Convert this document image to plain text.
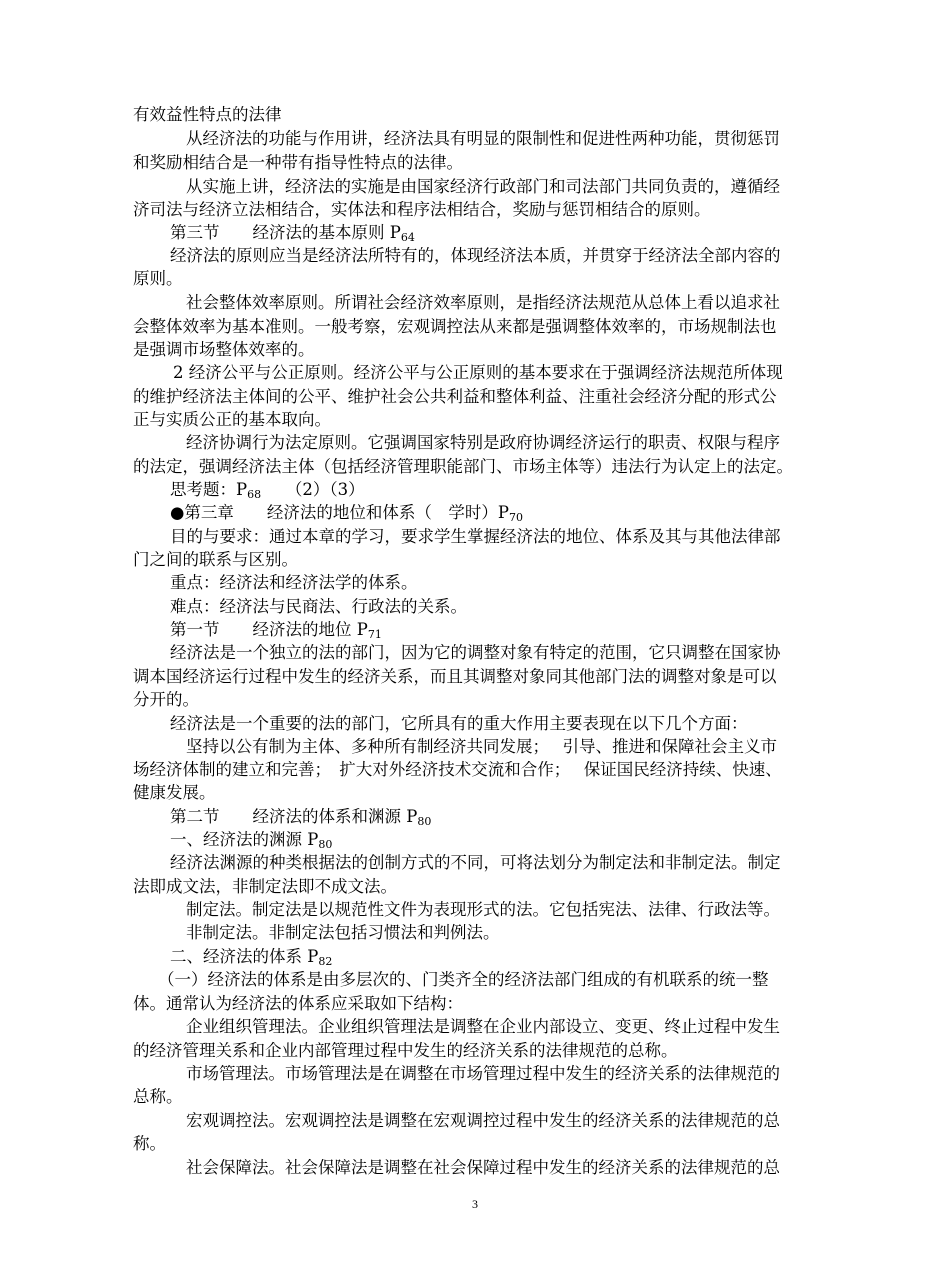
有效益性特点的法律
从经济法的功能与作用讲，经济法具有明显的限制性和促进性两种功能，贯彻惩罚
和奖励相结合是一种带有指导性特点的法律。
从实施上讲，经济法的实施是由国家经济行政部门和司法部门共同负责的，遵循经
济司法与经济立法相结合，实体法和程序法相结合，奖励与惩罚相结合的原则。
第三节　　经济法的基本原则 $P_{64}$
经济法的原则应当是经济法所特有的，体现经济法本质，并贯穿于经济法全部内容的
原则。
社会整体效率原则。所谓社会经济效率原则，是指经济法规范从总体上看以追求社
会整体效率为基本准则。一般考察，宏观调控法从来都是强调整体效率的，市场规制法也
是强调市场整体效率的。
2 经济公平与公正原则。经济公平与公正原则的基本要求在于强调经济法规范所体现
的维护经济法主体间的公平、维护社会公共利益和整体利益、注重社会经济分配的形式公
正与实质公正的基本取向。
经济协调行为法定原则。它强调国家特别是政府协调经济运行的职责、权限与程序
的法定，强调经济法主体（包括经济管理职能部门、市场主体等）违法行为认定上的法定。
思考题：$P_{68}$　　（2）（3）
●第三章　　经济法的地位和体系（　学时）$P_{70}$
目的与要求：通过本章的学习，要求学生掌握经济法的地位、体系及其与其他法律部
门之间的联系与区别。
重点：经济法和经济法学的体系。
难点：经济法与民商法、行政法的关系。
第一节　　经济法的地位 $P_{71}$
经济法是一个独立的法的部门，因为它的调整对象有特定的范围，它只调整在国家协
调本国经济运行过程中发生的经济关系，而且其调整对象同其他部门法的调整对象是可以
分开的。
经济法是一个重要的法的部门，它所具有的重大作用主要表现在以下几个方面：
坚持以公有制为主体、多种所有制经济共同发展；　 引导、推进和保障社会主义市
场经济体制的建立和完善；　扩大对外经济技术交流和合作；　 保证国民经济持续、快速、
健康发展。
第二节　　经济法的体系和渊源 $P_{80}$
一、经济法的渊源 $P_{80}$
经济法渊源的种类根据法的创制方式的不同，可将法划分为制定法和非制定法。制定
法即成文法，非制定法即不成文法。
制定法。制定法是以规范性文件为表现形式的法。它包括宪法、法律、行政法等。
非制定法。非制定法包括习惯法和判例法。
二、经济法的体系 $P_{82}$
（一）经济法的体系是由多层次的、门类齐全的经济法部门组成的有机联系的统一整
体。通常认为经济法的体系应采取如下结构：
企业组织管理法。企业组织管理法是调整在企业内部设立、变更、终止过程中发生
的经济管理关系和企业内部管理过程中发生的经济关系的法律规范的总称。
市场管理法。市场管理法是在调整在市场管理过程中发生的经济关系的法律规范的
总称。
宏观调控法。宏观调控法是调整在宏观调控过程中发生的经济关系的法律规范的总
称。
社会保障法。社会保障法是调整在社会保障过程中发生的经济关系的法律规范的总
3
